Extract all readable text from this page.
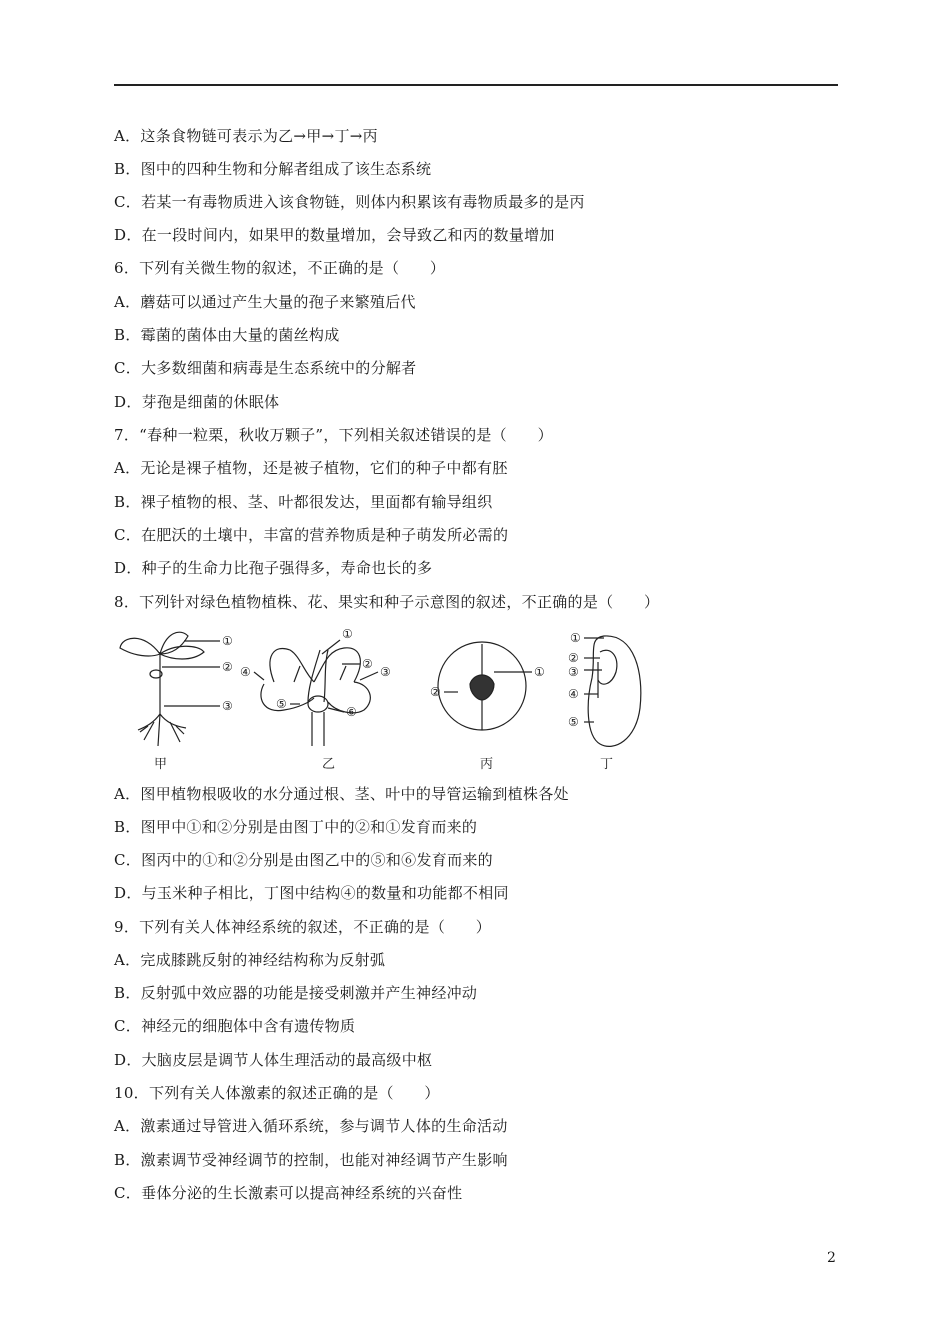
A．这条食物链可表示为乙→甲→丁→丙
B．图中的四种生物和分解者组成了该生态系统
C．若某一有毒物质进入该食物链，则体内积累该有毒物质最多的是丙
D．在一段时间内，如果甲的数量增加，会导致乙和丙的数量增加
6．下列有关微生物的叙述，不正确的是（　　）
A．蘑菇可以通过产生大量的孢子来繁殖后代
B．霉菌的菌体由大量的菌丝构成
C．大多数细菌和病毒是生态系统中的分解者
D．芽孢是细菌的休眠体
7．“春种一粒栗，秋收万颗子”，下列相关叙述错误的是（　　）
A．无论是裸子植物，还是被子植物，它们的种子中都有胚
B．裸子植物的根、茎、叶都很发达，里面都有输导组织
C．在肥沃的土壤中，丰富的营养物质是种子萌发所必需的
D．种子的生命力比孢子强得多，寿命也长的多
8．下列针对绿色植物植株、花、果实和种子示意图的叙述，不正确的是（　　）
①
②
③
甲
①
②
③
④
⑤
⑥
乙
①
②
丙
①
②
③
④
⑤
丁
A．图甲植物根吸收的水分通过根、茎、叶中的导管运输到植株各处
B．图甲中①和②分别是由图丁中的②和①发育而来的
C．图丙中的①和②分别是由图乙中的⑤和⑥发育而来的
D．与玉米种子相比，丁图中结构④的数量和功能都不相同
9．下列有关人体神经系统的叙述，不正确的是（　　）
A．完成膝跳反射的神经结构称为反射弧
B．反射弧中效应器的功能是接受刺激并产生神经冲动
C．神经元的细胞体中含有遗传物质
D．大脑皮层是调节人体生理活动的最高级中枢
10．下列有关人体激素的叙述正确的是（　　）
A．激素通过导管进入循环系统，参与调节人体的生命活动
B．激素调节受神经调节的控制，也能对神经调节产生影响
C．垂体分泌的生长激素可以提高神经系统的兴奋性
2
